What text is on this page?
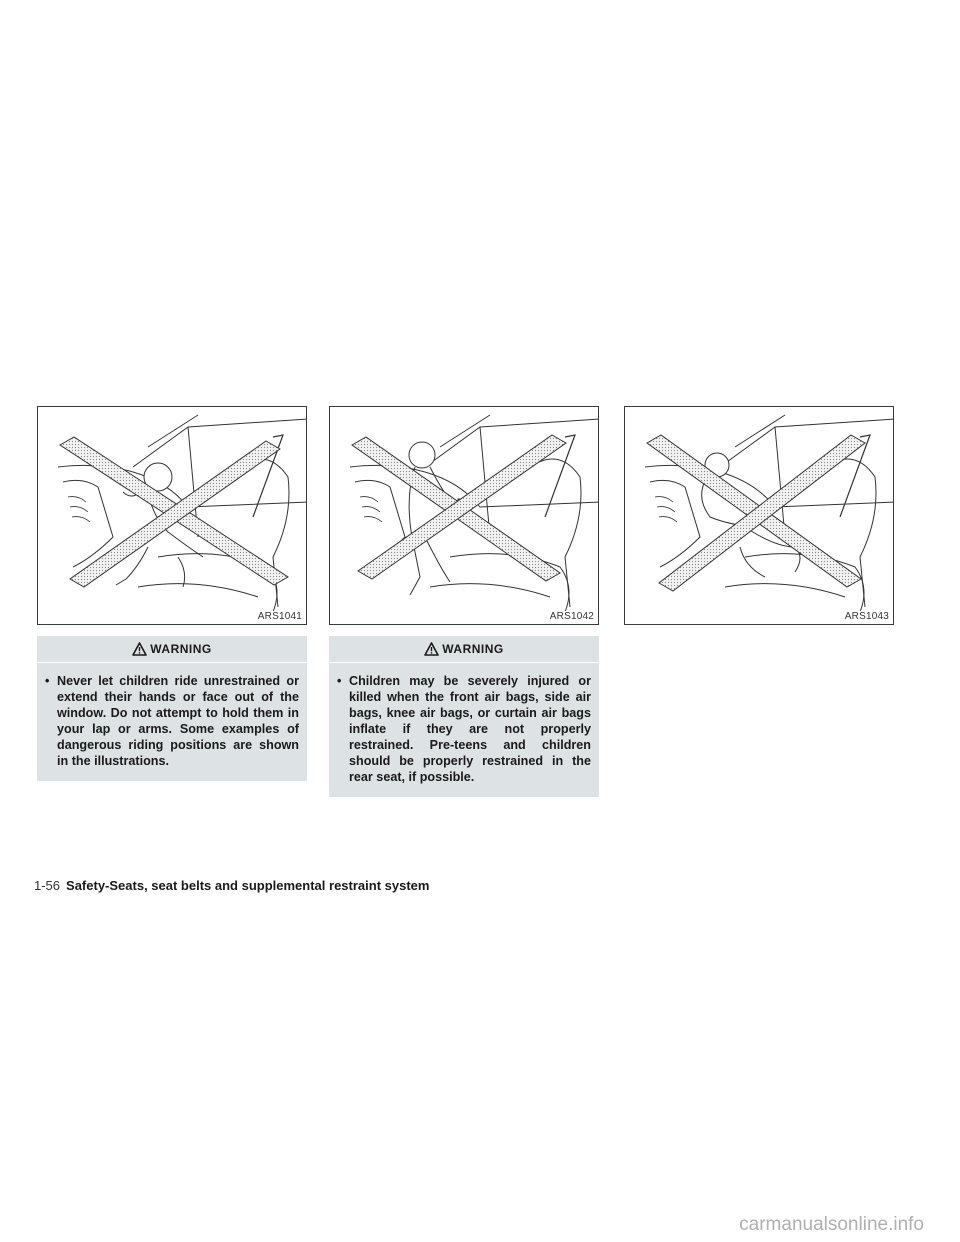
ARS1041	ARS1042	ARS1043
WARNING
• Never let children ride unrestrained or extend their hands or face out of the window. Do not attempt to hold them in your lap or arms. Some examples of dangerous riding positions are shown in the illustrations.
WARNING
• Children may be severely injured or killed when the front air bags, side air bags, knee air bags, or curtain air bags inflate if they are not properly restrained. Pre-teens and children should be properly restrained in the rear seat, if possible.
1-56 Safety-Seats, seat belts and supplemental restraint system
carmanualsonline.info
